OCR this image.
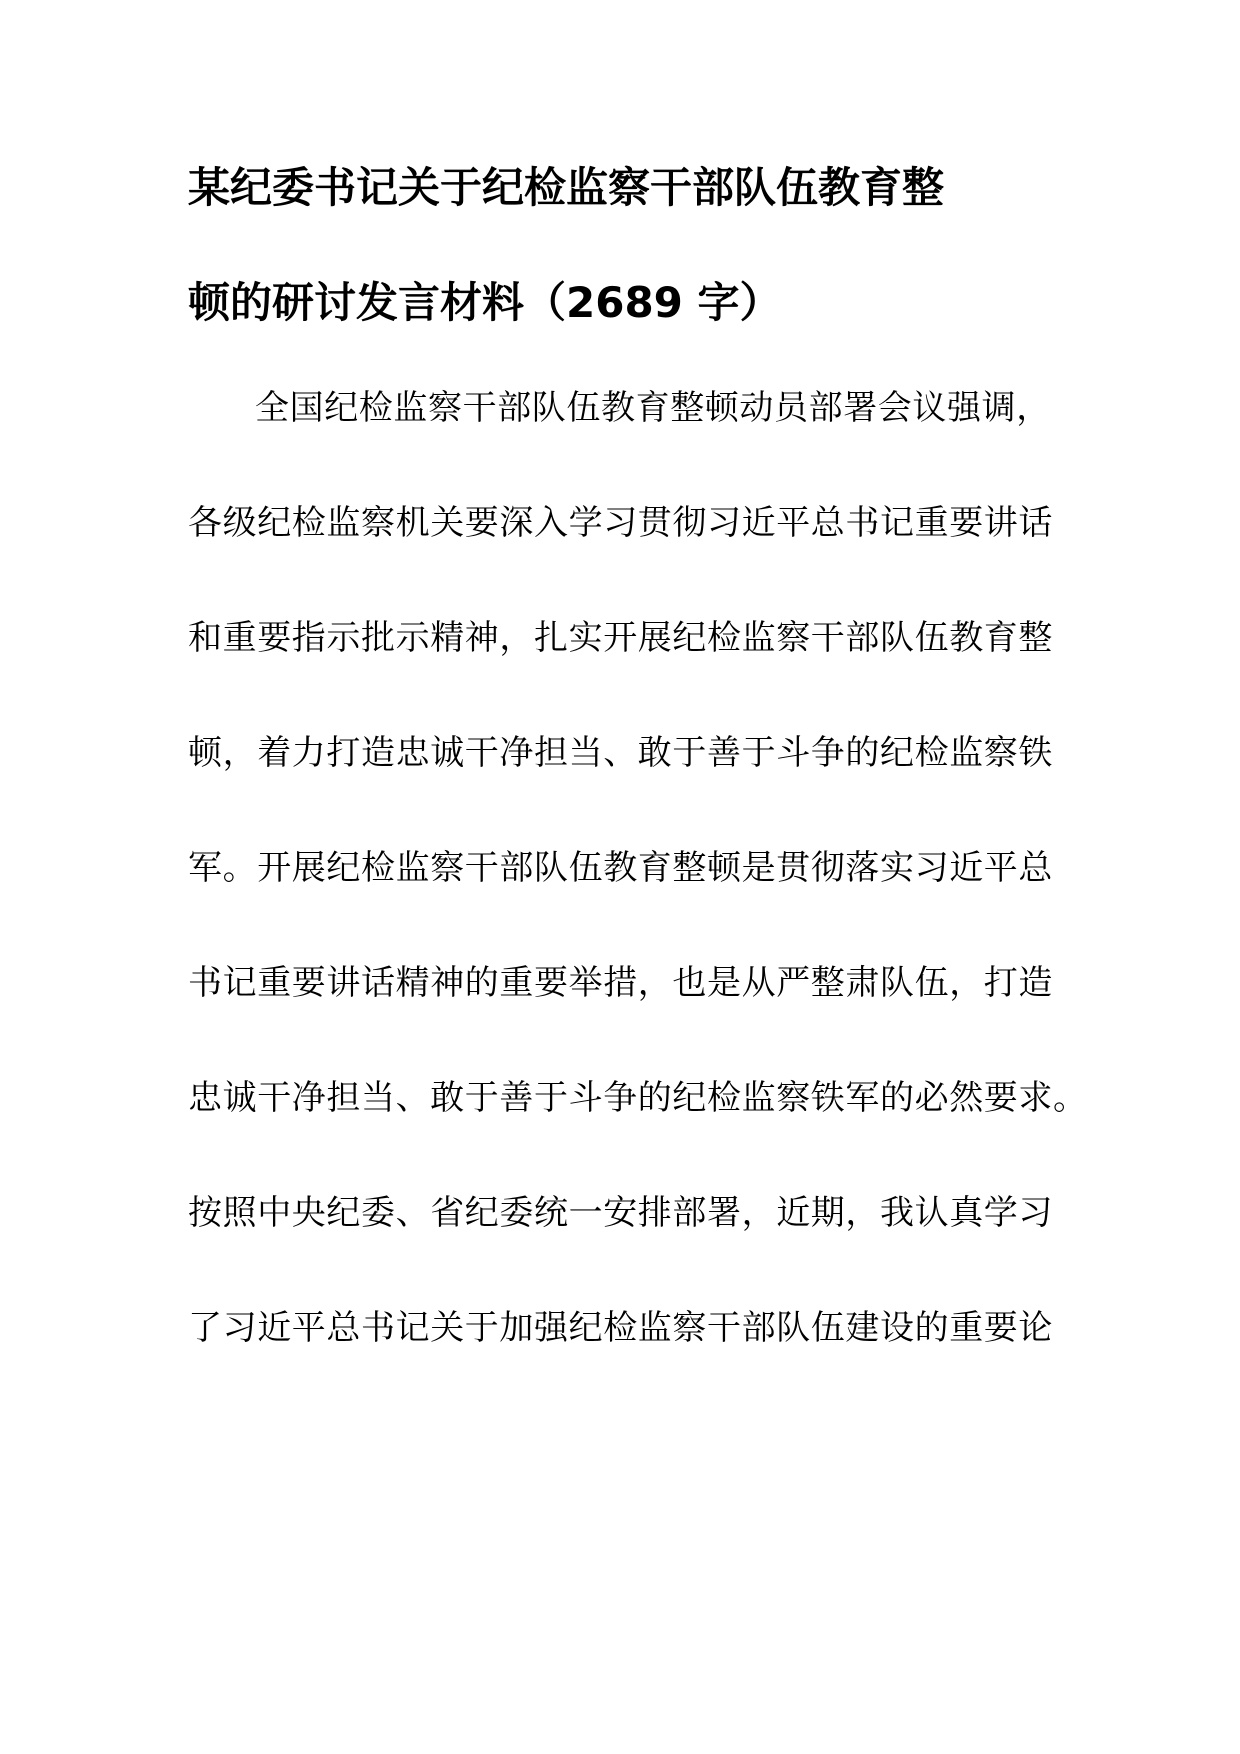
某纪委书记关于纪检监察干部队伍教育整
顿的研讨发言材料（2689 字）
全国纪检监察干部队伍教育整顿动员部署会议强调，
各级纪检监察机关要深入学习贯彻习近平总书记重要讲话
和重要指示批示精神，扎实开展纪检监察干部队伍教育整
顿，着力打造忠诚干净担当、敢于善于斗争的纪检监察铁
军。开展纪检监察干部队伍教育整顿是贯彻落实习近平总
书记重要讲话精神的重要举措，也是从严整肃队伍，打造
忠诚干净担当、敢于善于斗争的纪检监察铁军的必然要求。
按照中央纪委、省纪委统一安排部署，近期，我认真学习
了习近平总书记关于加强纪检监察干部队伍建设的重要论
